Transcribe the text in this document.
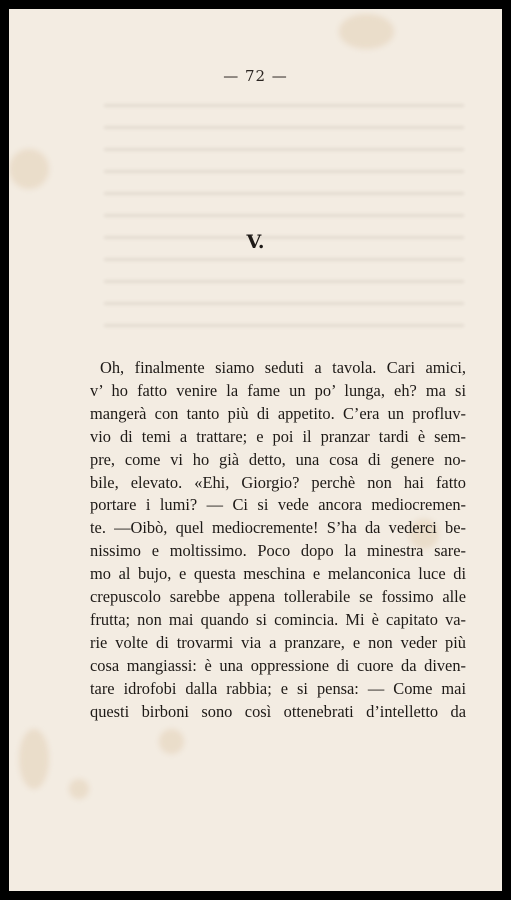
— 72 —
V.
Oh, finalmente siamo seduti a tavola. Cari amici,
v’ ho fatto venire la fame un po’ lunga, eh? ma si
mangerà con tanto più di appetito. C’era un profluv-
vio di temi a trattare; e poi il pranzar tardi è sem-
pre, come vi ho già detto, una cosa di genere no-
bile, elevato. «Ehi, Giorgio? perchè non hai fatto
portare i lumi? — Ci si vede ancora mediocremen-
te. —Oibò, quel mediocremente! S’ha da vederci be-
nissimo e moltissimo. Poco dopo la minestra sare-
mo al bujo, e questa meschina e melanconica luce di
crepuscolo sarebbe appena tollerabile se fossimo alle
frutta; non mai quando si comincia. Mi è capitato va-
rie volte di trovarmi via a pranzare, e non veder più
cosa mangiassi: è una oppressione di cuore da diven-
tare idrofobi dalla rabbia; e si pensa: — Come mai
questi birboni sono così ottenebrati d’intelletto da
